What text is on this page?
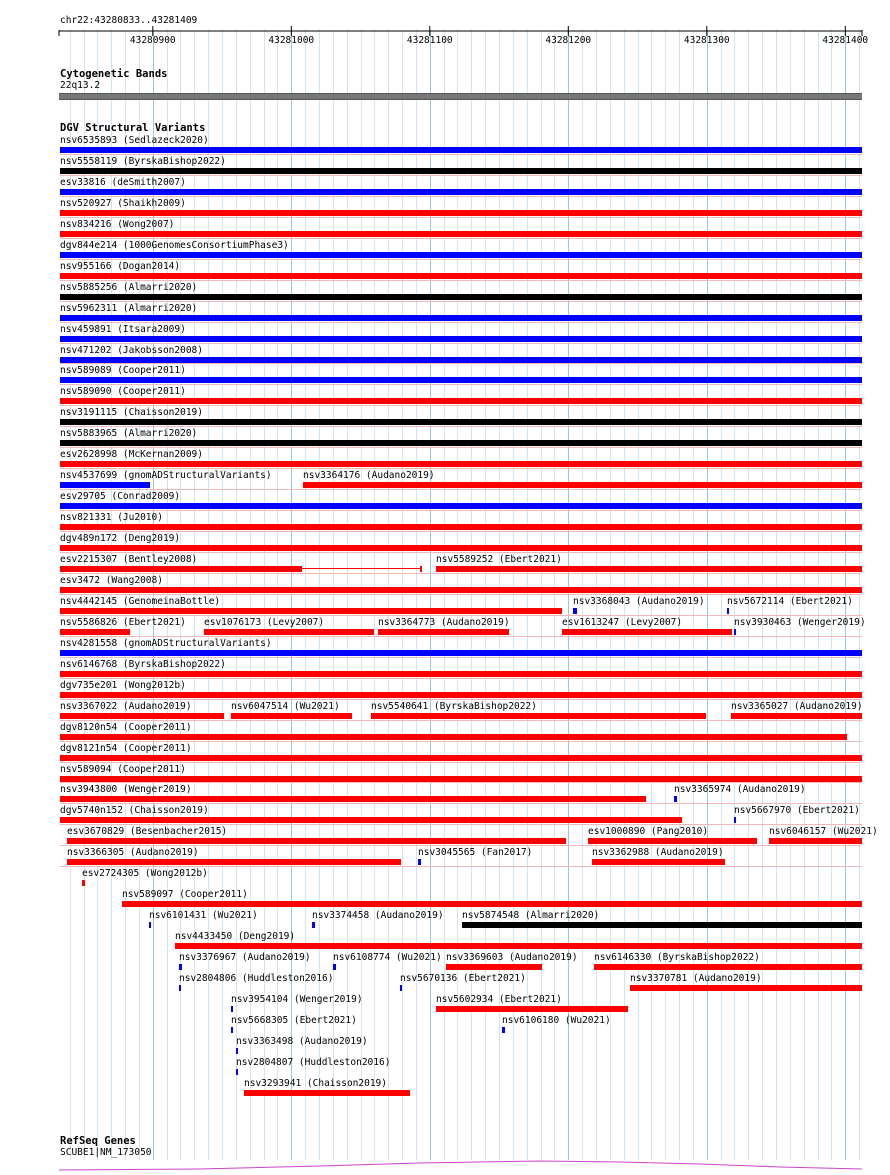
chr22:43280833..43281409
43280900	43281000	43281100	43281200	43281300	43281400
Cytogenetic Bands
22q13.2
DGV Structural Variants
nsv6535893 (Sedlazeck2020)
nsv5558119 (ByrskaBishop2022)
esv33816 (deSmith2007)
nsv520927 (Shaikh2009)
nsv834216 (Wong2007)
dgv844e214 (1000GenomesConsortiumPhase3)
nsv955166 (Dogan2014)
nsv5885256 (Almarri2020)
nsv5962311 (Almarri2020)
nsv459891 (Itsara2009)
nsv471202 (Jakobsson2008)
nsv589089 (Cooper2011)
nsv589090 (Cooper2011)
nsv3191115 (Chaisson2019)
nsv5883965 (Almarri2020)
esv2628998 (McKernan2009)
nsv4537699 (gnomADStructuralVariants)	nsv3364176 (Audano2019)
esv29705 (Conrad2009)
nsv821331 (Ju2010)
dgv489n172 (Deng2019)
esv2215307 (Bentley2008)	nsv5589252 (Ebert2021)
esv3472 (Wang2008)
nsv4442145 (GenomeinaBottle)	nsv3368043 (Audano2019) nsv5672114 (Ebert2021)
nsv5586826 (Ebert2021) esv1076173 (Levy2007)	nsv3364773 (Audano2019)	esv1613247 (Levy2007)	nsv3930463 (Wenger2019)
nsv4281558 (gnomADStructuralVariants)
nsv6146768 (ByrskaBishop2022)
dgv735e201 (Wong2012b)
nsv3367022 (Audano2019)	nsv6047514 (Wu2021)	nsv5540641 (ByrskaBishop2022)	nsv3365027 (Audano2019)
dgv8120n54 (Cooper2011)
dgv8121n54 (Cooper2011)
nsv589094 (Cooper2011)
nsv3943800 (Wenger2019)	nsv3365974 (Audano2019)
dgv5740n152 (Chaisson2019)	nsv5667970 (Ebert2021)
esv3670829 (Besenbacher2015)	esv1000890 (Pang2010)	nsv6046157 (Wu2021)
nsv3366305 (Audano2019)	nsv3045565 (Fan2017)	nsv3362988 (Audano2019)
esv2724305 (Wong2012b)
nsv589097 (Cooper2011)
nsv6101431 (Wu2021)	nsv3374458 (Audano2019) nsv5874548 (Almarri2020)
nsv4433450 (Deng2019)
nsv3376967 (Audano2019) nsv6108774 (Wu2021) nsv3369603 (Audano2019) nsv6146330 (ByrskaBishop2022)
nsv2804806 (Huddleston2016)	nsv5670136 (Ebert2021)	nsv3370781 (Audano2019)
nsv3954104 (Wenger2019)	nsv5602934 (Ebert2021)
nsv5668305 (Ebert2021)	nsv6106180 (Wu2021)
nsv3363498 (Audano2019)
nsv2804807 (Huddleston2016)
nsv3293941 (Chaisson2019)
RefSeq Genes
SCUBE1|NM_173050
